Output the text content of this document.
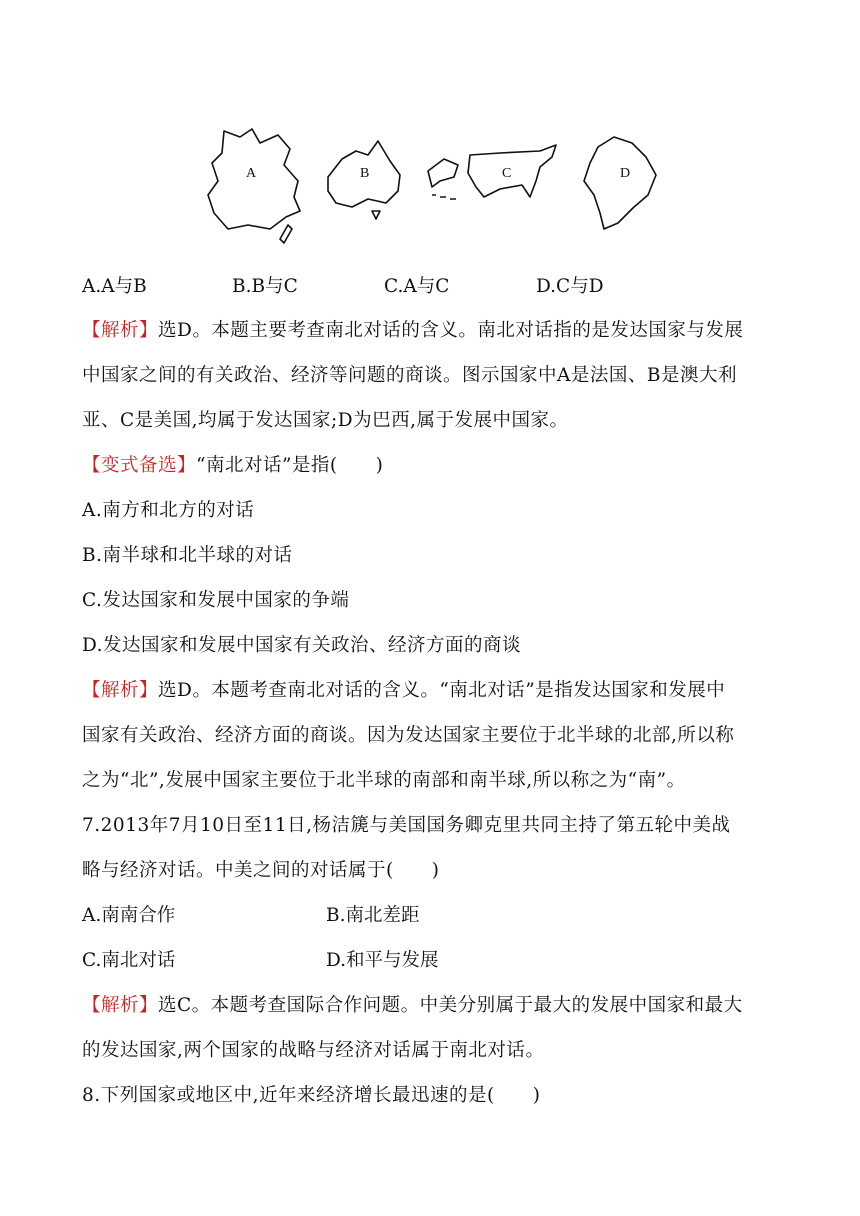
A	B	C	D
A.A与B	B.B与C	C.A与C	D.C与D
【解析】选D。本题主要考查南北对话的含义。南北对话指的是发达国家与发展
中国家之间的有关政治、经济等问题的商谈。图示国家中A是法国、B是澳大利
亚、C是美国,均属于发达国家;D为巴西,属于发展中国家。
【变式备选】“南北对话”是指(　　)
A.南方和北方的对话
B.南半球和北半球的对话
C.发达国家和发展中国家的争端
D.发达国家和发展中国家有关政治、经济方面的商谈
【解析】选D。本题考查南北对话的含义。“南北对话”是指发达国家和发展中
国家有关政治、经济方面的商谈。因为发达国家主要位于北半球的北部,所以称
之为“北”,发展中国家主要位于北半球的南部和南半球,所以称之为“南”。
7.2013年7月10日至11日,杨洁篪与美国国务卿克里共同主持了第五轮中美战
略与经济对话。中美之间的对话属于(　　)
A.南南合作	B.南北差距
C.南北对话	D.和平与发展
【解析】选C。本题考查国际合作问题。中美分别属于最大的发展中国家和最大
的发达国家,两个国家的战略与经济对话属于南北对话。
8.下列国家或地区中,近年来经济增长最迅速的是(　　)
